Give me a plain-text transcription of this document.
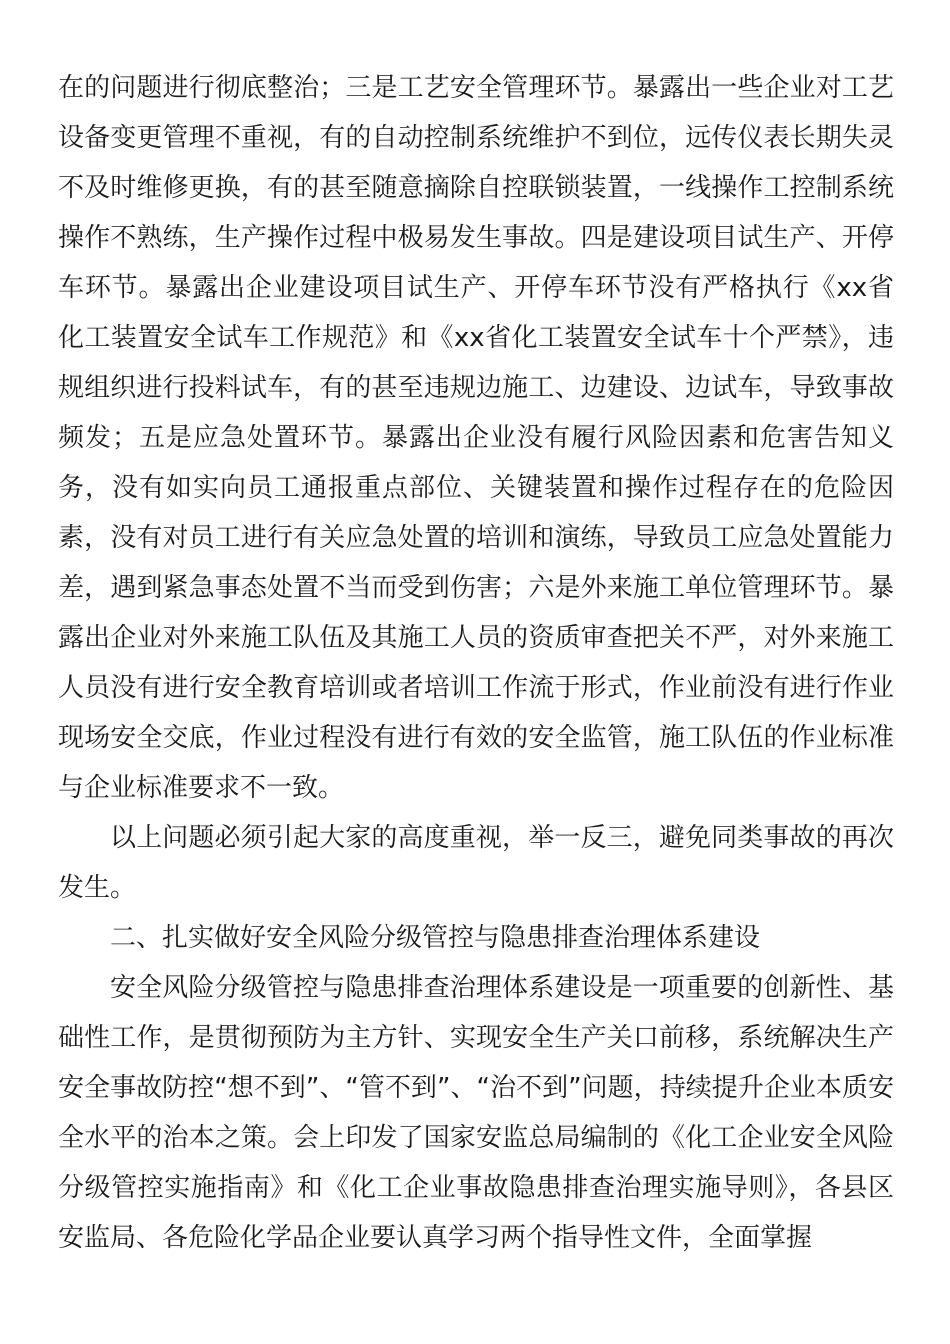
在的问题进行彻底整治；三是工艺安全管理环节。暴露出一些企业对工艺设备变更管理不重视，有的自动控制系统维护不到位，远传仪表长期失灵不及时维修更换，有的甚至随意摘除自控联锁装置，一线操作工控制系统操作不熟练，生产操作过程中极易发生事故。四是建设项目试生产、开停车环节。暴露出企业建设项目试生产、开停车环节没有严格执行《xx省化工装置安全试车工作规范》和《xx省化工装置安全试车十个严禁》，违规组织进行投料试车，有的甚至违规边施工、边建设、边试车，导致事故频发；五是应急处置环节。暴露出企业没有履行风险因素和危害告知义务，没有如实向员工通报重点部位、关键装置和操作过程存在的危险因素，没有对员工进行有关应急处置的培训和演练，导致员工应急处置能力差，遇到紧急事态处置不当而受到伤害；六是外来施工单位管理环节。暴露出企业对外来施工队伍及其施工人员的资质审查把关不严，对外来施工人员没有进行安全教育培训或者培训工作流于形式，作业前没有进行作业现场安全交底，作业过程没有进行有效的安全监管，施工队伍的作业标准与企业标准要求不一致。

以上问题必须引起大家的高度重视，举一反三，避免同类事故的再次发生。

二、扎实做好安全风险分级管控与隐患排查治理体系建设

安全风险分级管控与隐患排查治理体系建设是一项重要的创新性、基础性工作，是贯彻预防为主方针、实现安全生产关口前移，系统解决生产安全事故防控“想不到”、“管不到”、“治不到”问题，持续提升企业本质安全水平的治本之策。会上印发了国家安监总局编制的《化工企业安全风险分级管控实施指南》和《化工企业事故隐患排查治理实施导则》，各县区安监局、各危险化学品企业要认真学习两个指导性文件，全面掌握
